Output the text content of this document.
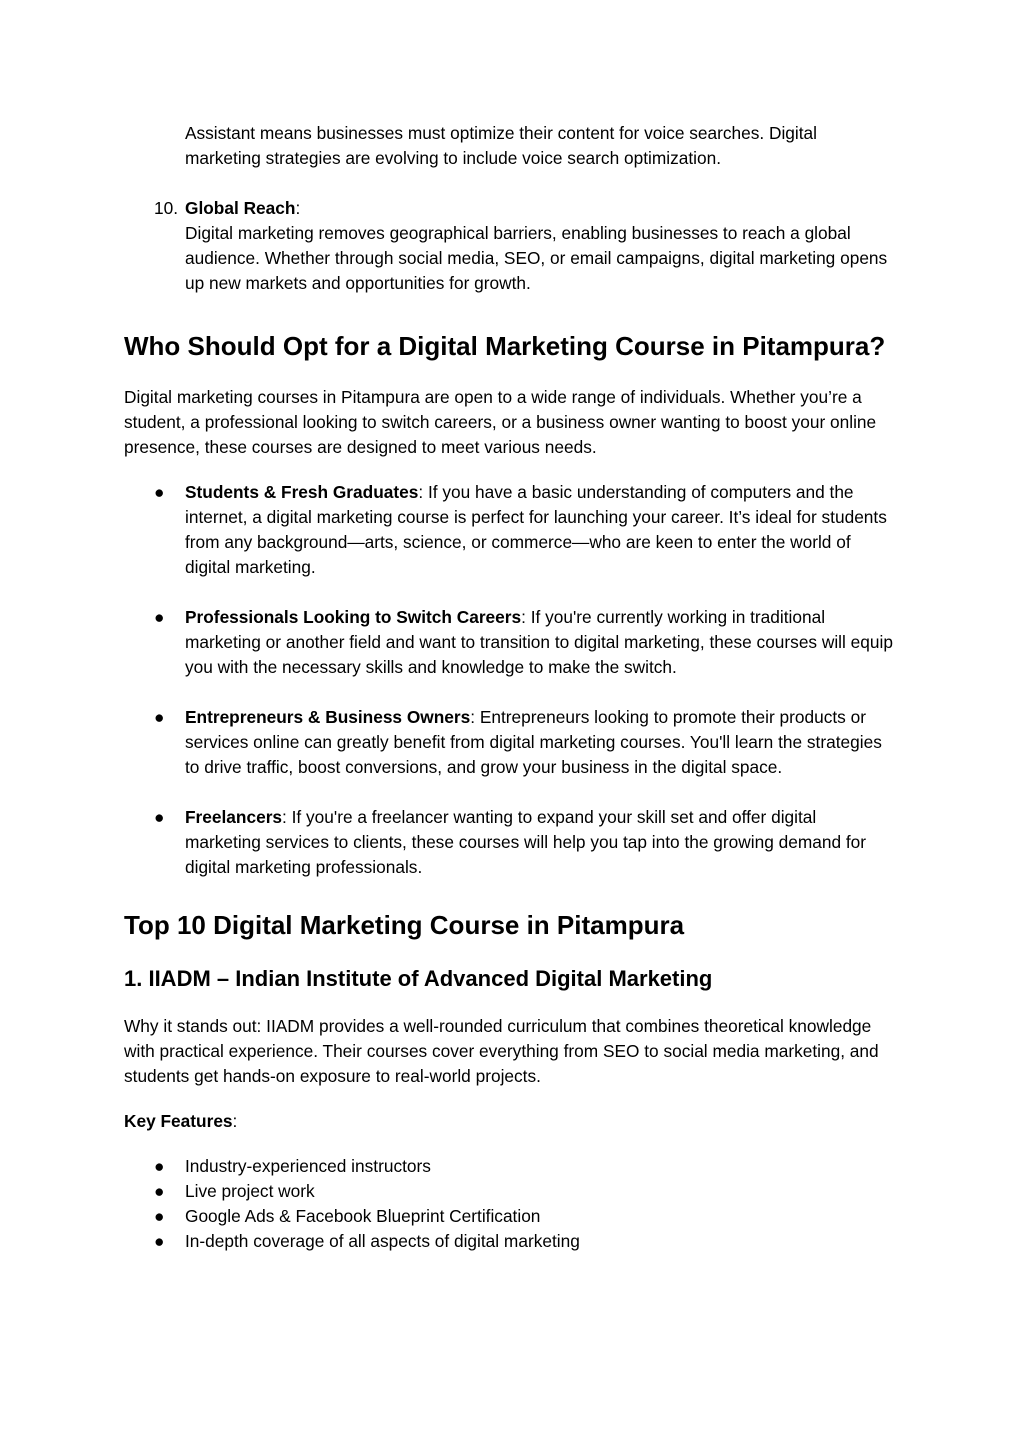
Assistant means businesses must optimize their content for voice searches. Digital marketing strategies are evolving to include voice search optimization.

10. Global Reach:

Digital marketing removes geographical barriers, enabling businesses to reach a global audience. Whether through social media, SEO, or email campaigns, digital marketing opens up new markets and opportunities for growth.

Who Should Opt for a Digital Marketing Course in Pitampura?

Digital marketing courses in Pitampura are open to a wide range of individuals. Whether you’re a student, a professional looking to switch careers, or a business owner wanting to boost your online presence, these courses are designed to meet various needs.

● Students & Fresh Graduates: If you have a basic understanding of computers and the internet, a digital marketing course is perfect for launching your career. It’s ideal for students from any background—arts, science, or commerce—who are keen to enter the world of digital marketing.
● Professionals Looking to Switch Careers: If you're currently working in traditional marketing or another field and want to transition to digital marketing, these courses will equip you with the necessary skills and knowledge to make the switch.
● Entrepreneurs & Business Owners: Entrepreneurs looking to promote their products or services online can greatly benefit from digital marketing courses. You'll learn the strategies to drive traffic, boost conversions, and grow your business in the digital space.
● Freelancers: If you're a freelancer wanting to expand your skill set and offer digital marketing services to clients, these courses will help you tap into the growing demand for digital marketing professionals.
Top 10 Digital Marketing Course in Pitampura
1. IIADM – Indian Institute of Advanced Digital Marketing

Why it stands out: IIADM provides a well-rounded curriculum that combines theoretical knowledge with practical experience. Their courses cover everything from SEO to social media marketing, and students get hands-on exposure to real-world projects.

Key Features:

● Industry-experienced instructors
● Live project work
● Google Ads & Facebook Blueprint Certification
● In-depth coverage of all aspects of digital marketing
